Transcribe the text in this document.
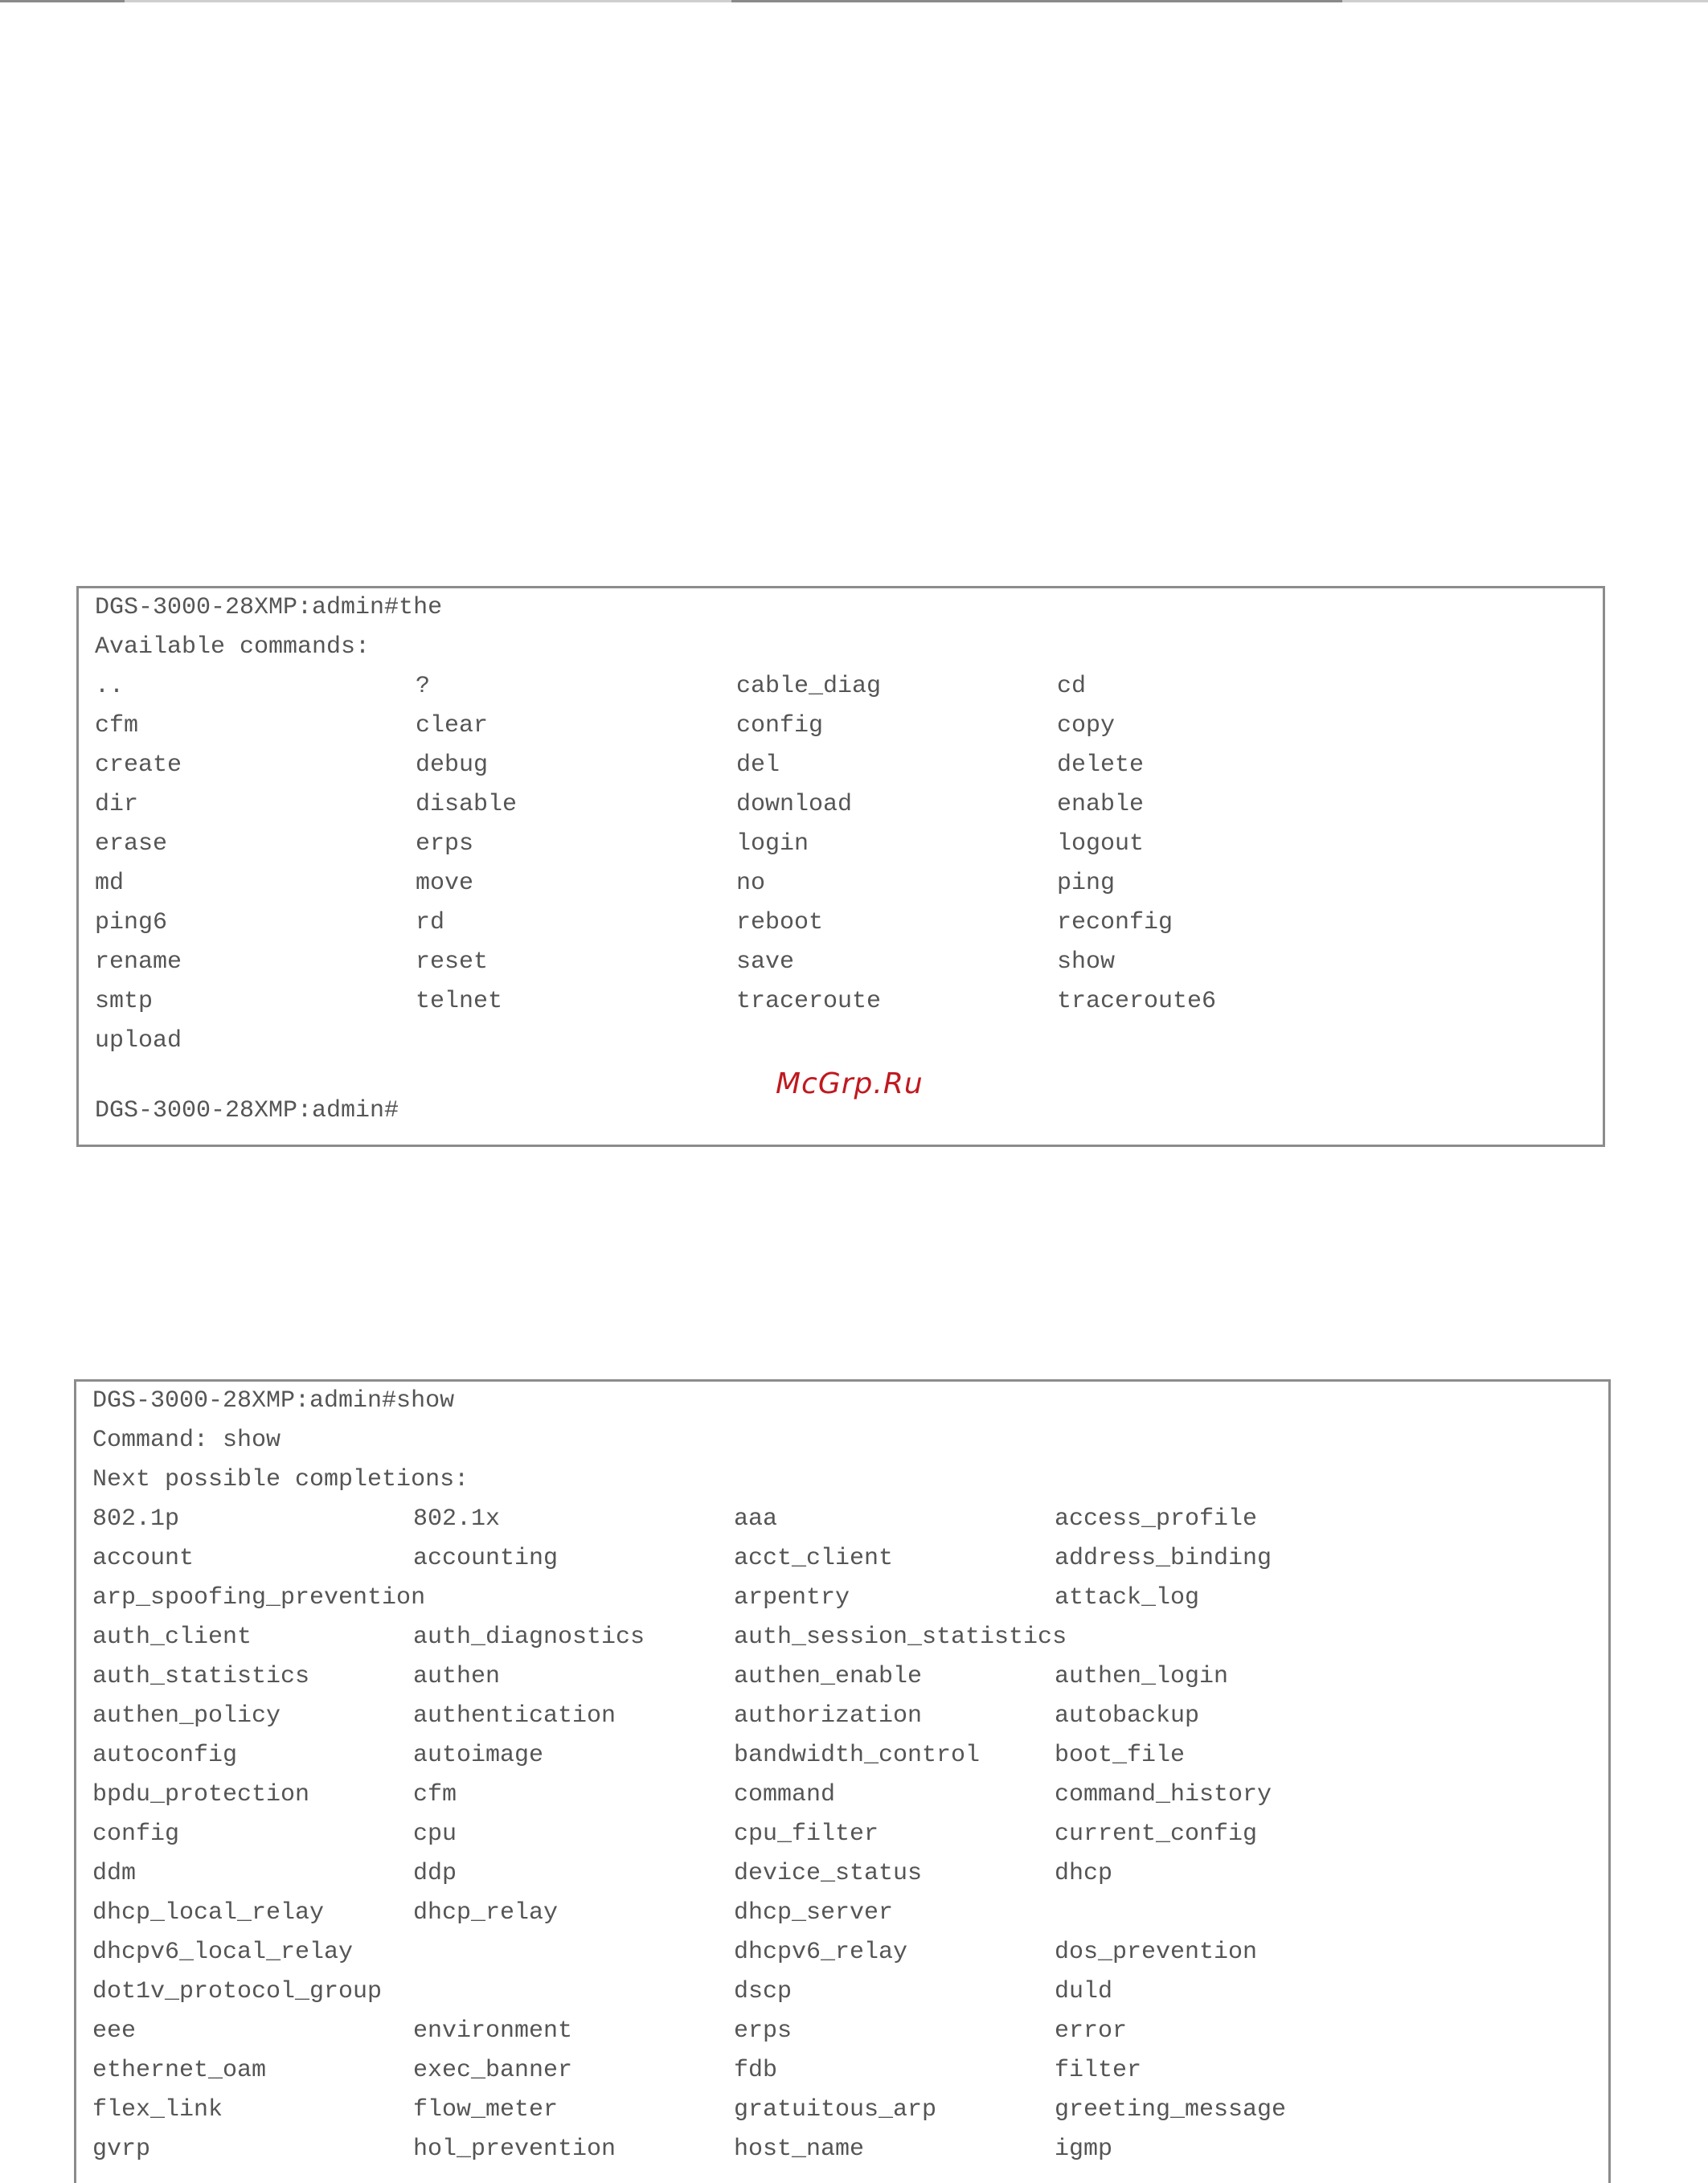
DGS-3000-28XMP:admin#the
Available commands:
..	?	cable_diag	cd
cfm	clear	config	copy
create	debug	del	delete
dir	disable	download	enable
erase	erps	login	logout
md	move	no	ping
ping6	rd	reboot	reconfig
rename	reset	save	show
smtp	telnet	traceroute	traceroute6
upload
DGS-3000-28XMP:admin#
McGrp.Ru
DGS-3000-28XMP:admin#show
Command: show
Next possible completions:
802.1p	802.1x	aaa	access_profile
account	accounting	acct_client	address_binding
arp_spoofing_prevention	arpentry	attack_log
auth_client	auth_diagnostics	auth_session_statistics
auth_statistics	authen	authen_enable	authen_login
authen_policy	authentication	authorization	autobackup
autoconfig	autoimage	bandwidth_control	boot_file
bpdu_protection	cfm	command	command_history
config	cpu	cpu_filter	current_config
ddm	ddp	device_status	dhcp
dhcp_local_relay	dhcp_relay	dhcp_server
dhcpv6_local_relay	dhcpv6_relay	dos_prevention
dot1v_protocol_group	dscp	duld
eee	environment	erps	error
ethernet_oam	exec_banner	fdb	filter
flex_link	flow_meter	gratuitous_arp	greeting_message
gvrp	hol_prevention	host_name	igmp
